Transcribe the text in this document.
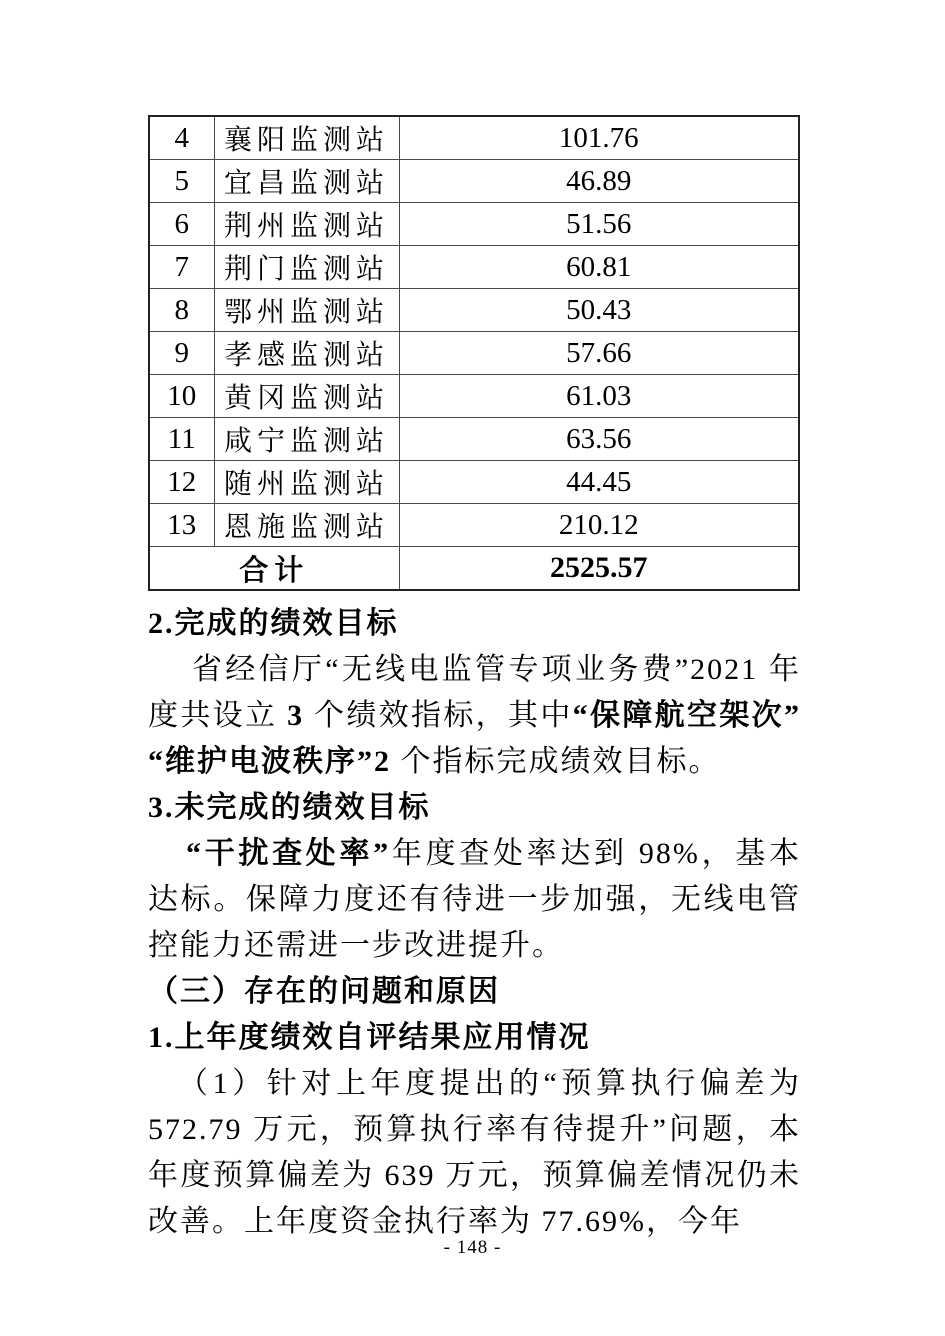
4	襄阳监测站	101.76
5	宜昌监测站	46.89
6	荆州监测站	51.56
7	荆门监测站	60.81
8	鄂州监测站	50.43
9	孝感监测站	57.66
10	黄冈监测站	61.03
11	咸宁监测站	63.56
12	随州监测站	44.45
13	恩施监测站	210.12
合计		2525.57

2.完成的绩效目标

省经信厅“无线电监管专项业务费”2021 年度共设立 3 个绩效指标，其中“保障航空架次”“维护电波秩序”2 个指标完成绩效目标。

3.未完成的绩效目标

“干扰查处率”年度查处率达到 98%，基本达标。保障力度还有待进一步加强，无线电管控能力还需进一步改进提升。

（三）存在的问题和原因

1.上年度绩效自评结果应用情况

（1）针对上年度提出的“预算执行偏差为 572.79 万元，预算执行率有待提升”问题，本年度预算偏差为 639 万元，预算偏差情况仍未改善。上年度资金执行率为 77.69%，今年

- 148 -
